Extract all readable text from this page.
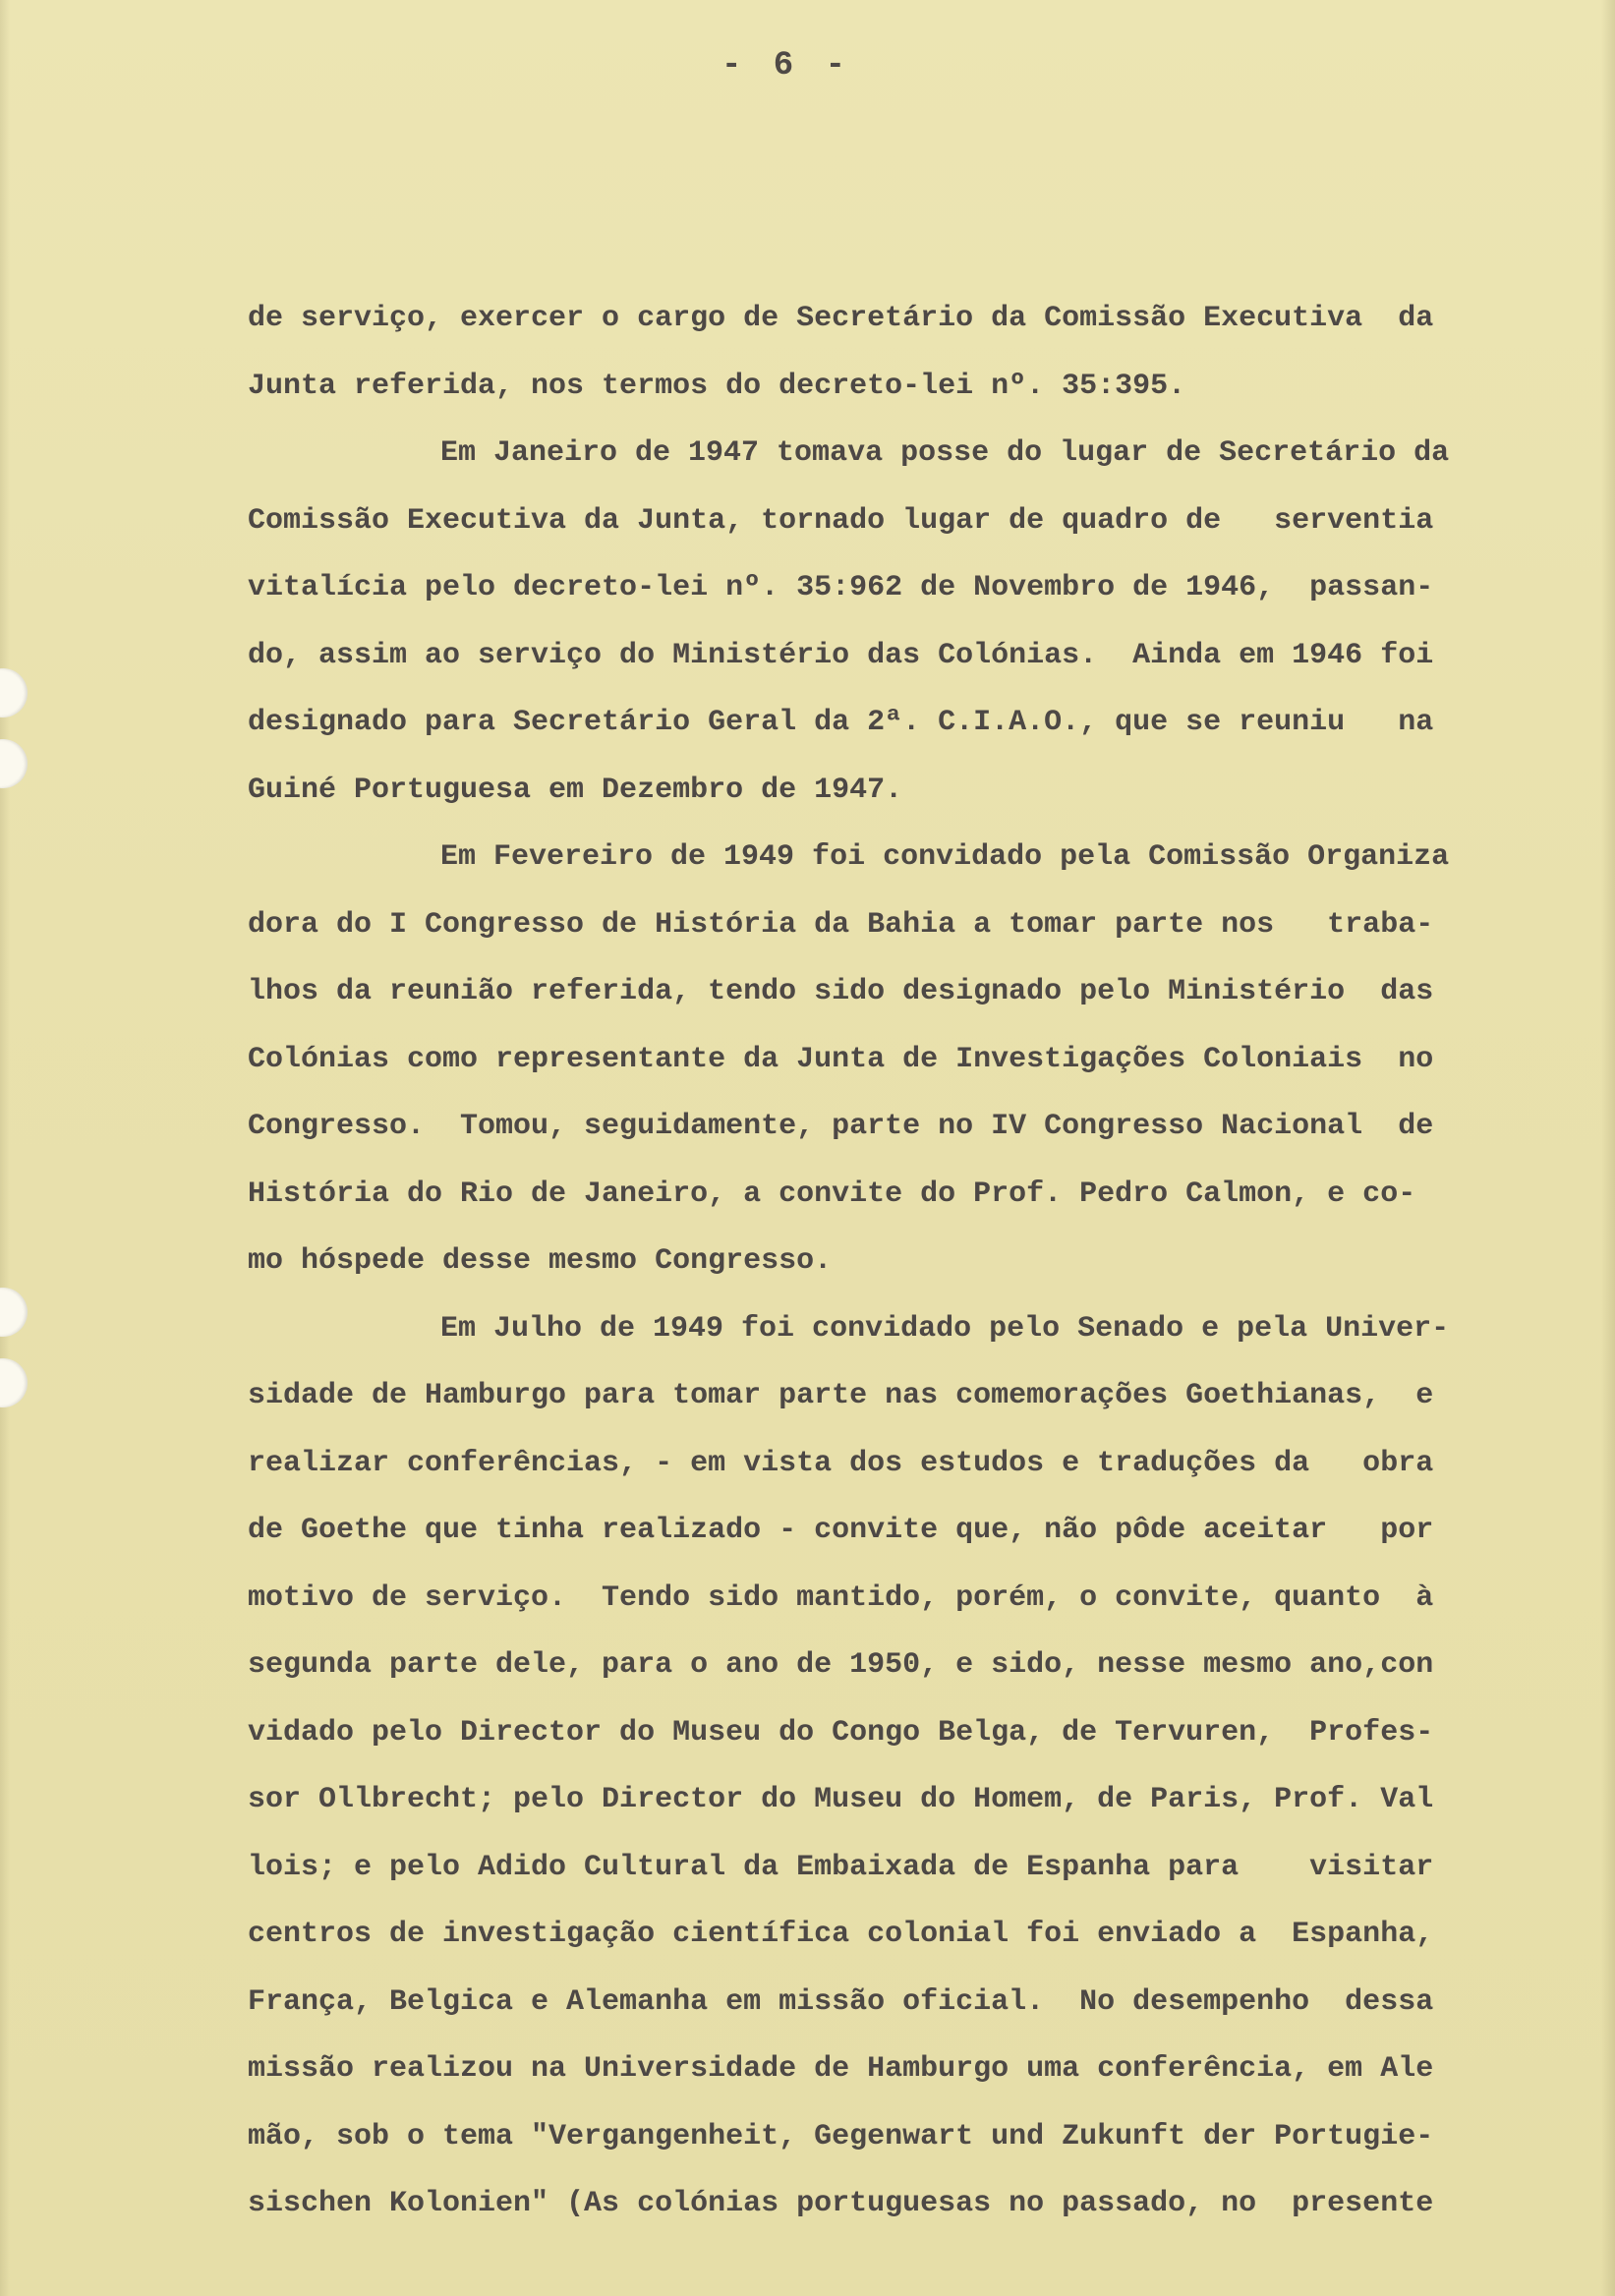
- 6 -
de serviço, exercer o cargo de Secretário da Comissão Executiva  da
Junta referida, nos termos do decreto-lei nº. 35:395.
Em Janeiro de 1947 tomava posse do lugar de Secretário da
Comissão Executiva da Junta, tornado lugar de quadro de   serventia
vitalícia pelo decreto-lei nº. 35:962 de Novembro de 1946,  passan-
do, assim ao serviço do Ministério das Colónias.  Ainda em 1946 foi
designado para Secretário Geral da 2ª. C.I.A.O., que se reuniu   na
Guiné Portuguesa em Dezembro de 1947.
Em Fevereiro de 1949 foi convidado pela Comissão Organiza
dora do I Congresso de História da Bahia a tomar parte nos   traba-
lhos da reunião referida, tendo sido designado pelo Ministério  das
Colónias como representante da Junta de Investigações Coloniais  no
Congresso.  Tomou, seguidamente, parte no IV Congresso Nacional  de
História do Rio de Janeiro, a convite do Prof. Pedro Calmon, e co-
mo hóspede desse mesmo Congresso.
Em Julho de 1949 foi convidado pelo Senado e pela Univer-
sidade de Hamburgo para tomar parte nas comemorações Goethianas,  e
realizar conferências, - em vista dos estudos e traduções da   obra
de Goethe que tinha realizado - convite que, não pôde aceitar   por
motivo de serviço.  Tendo sido mantido, porém, o convite, quanto  à
segunda parte dele, para o ano de 1950, e sido, nesse mesmo ano,con
vidado pelo Director do Museu do Congo Belga, de Tervuren,  Profes-
sor Ollbrecht; pelo Director do Museu do Homem, de Paris, Prof. Val
lois; e pelo Adido Cultural da Embaixada de Espanha para    visitar
centros de investigação científica colonial foi enviado a  Espanha,
França, Belgica e Alemanha em missão oficial.  No desempenho  dessa
missão realizou na Universidade de Hamburgo uma conferência, em Ale
mão, sob o tema "Vergangenheit, Gegenwart und Zukunft der Portugie-
sischen Kolonien" (As colónias portuguesas no passado, no  presente
